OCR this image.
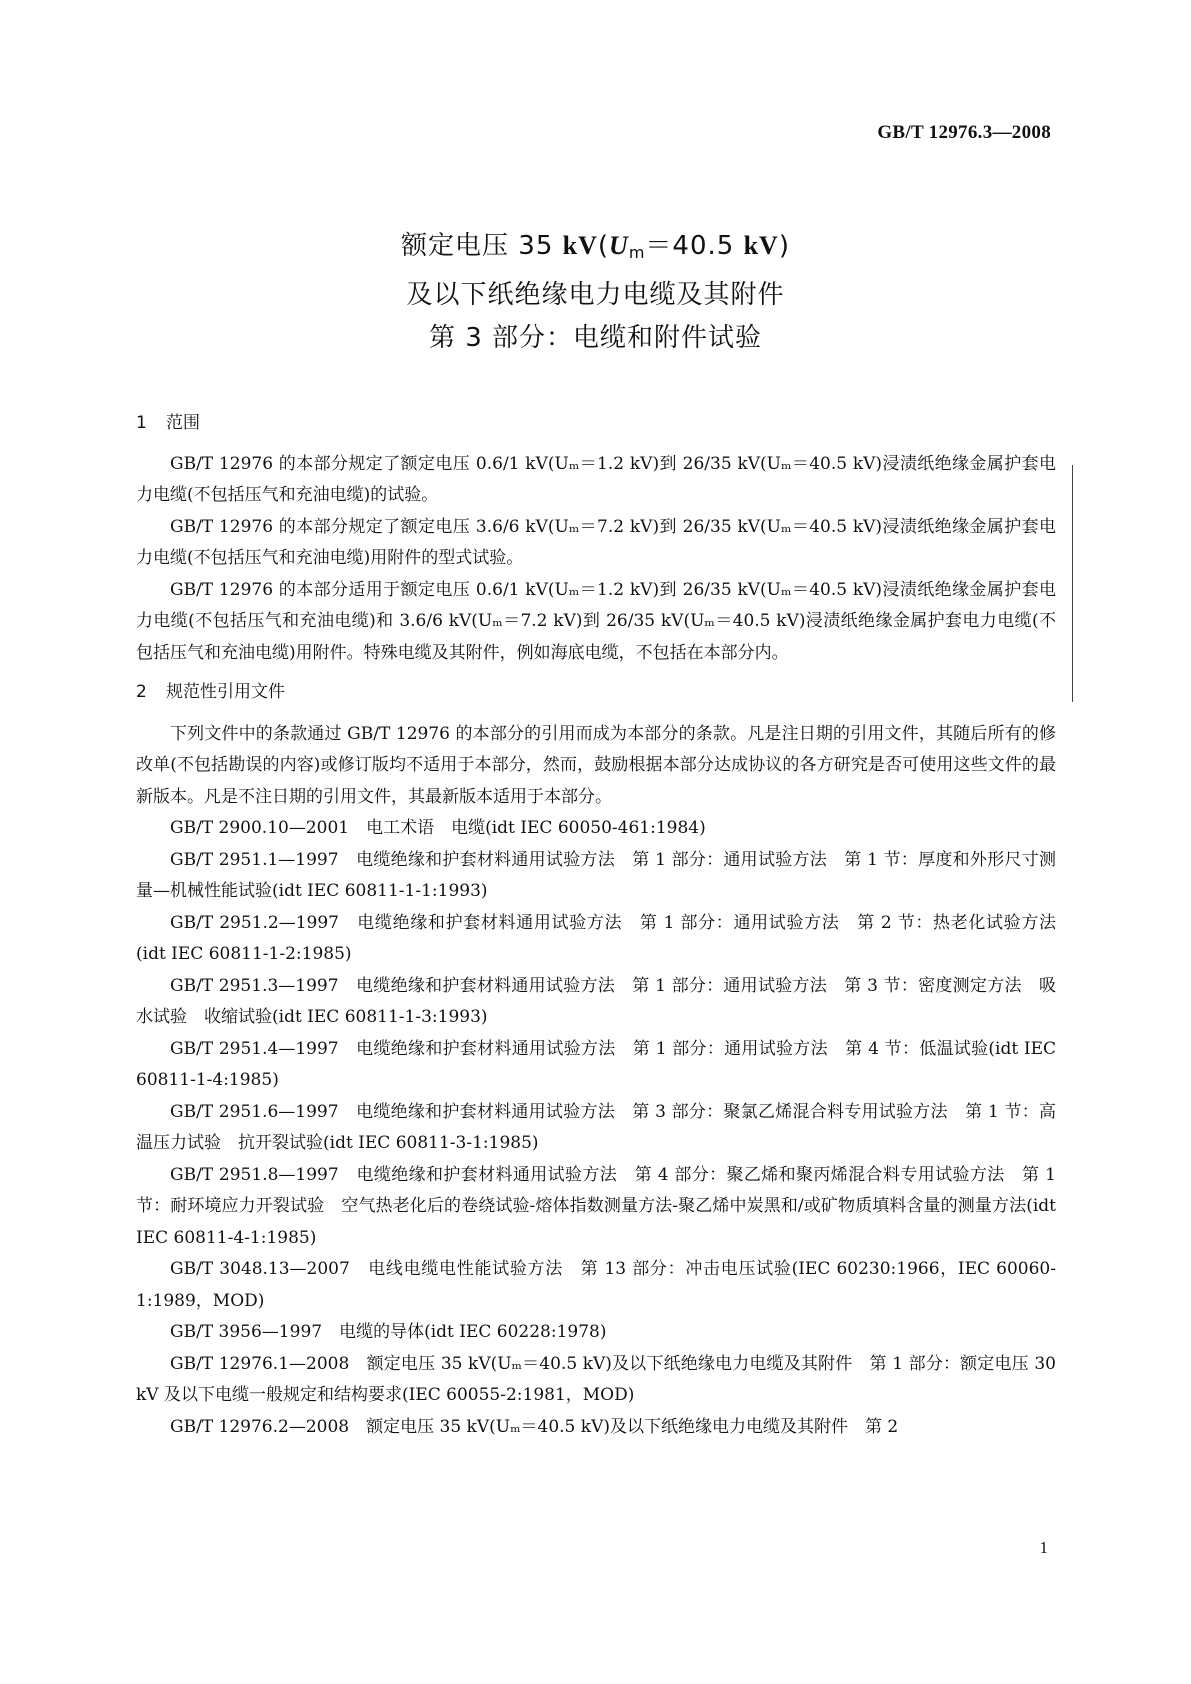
GB/T 12976.3—2008
额定电压 35 $kV(U_m=40.5$ kV)
及以下纸绝缘电力电缆及其附件
第 3 部分：电缆和附件试验
1 范围

GB/T 12976 的本部分规定了额定电压 0.6/1 kV(Uₘ＝1.2 kV)到 26/35 kV(Uₘ＝40.5 kV)浸渍纸绝缘金属护套电力电缆(不包括压气和充油电缆)的试验。

GB/T 12976 的本部分规定了额定电压 3.6/6 kV(Uₘ＝7.2 kV)到 26/35 kV(Uₘ＝40.5 kV)浸渍纸绝缘金属护套电力电缆(不包括压气和充油电缆)用附件的型式试验。

GB/T 12976 的本部分适用于额定电压 0.6/1 kV(Uₘ＝1.2 kV)到 26/35 kV(Uₘ＝40.5 kV)浸渍纸绝缘金属护套电力电缆(不包括压气和充油电缆)和 3.6/6 kV(Uₘ＝7.2 kV)到 26/35 kV(Uₘ＝40.5 kV)浸渍纸绝缘金属护套电力电缆(不包括压气和充油电缆)用附件。特殊电缆及其附件，例如海底电缆，不包括在本部分内。

2 规范性引用文件

下列文件中的条款通过 GB/T 12976 的本部分的引用而成为本部分的条款。凡是注日期的引用文件，其随后所有的修改单(不包括勘误的内容)或修订版均不适用于本部分，然而，鼓励根据本部分达成协议的各方研究是否可使用这些文件的最新版本。凡是不注日期的引用文件，其最新版本适用于本部分。

GB/T 2900.10—2001　电工术语　电缆(idt IEC 60050-461:1984)

GB/T 2951.1—1997　电缆绝缘和护套材料通用试验方法　第 1 部分：通用试验方法　第 1 节：厚度和外形尺寸测量—机械性能试验(idt IEC 60811-1-1:1993)

GB/T 2951.2—1997　电缆绝缘和护套材料通用试验方法　第 1 部分：通用试验方法　第 2 节：热老化试验方法(idt IEC 60811-1-2:1985)

GB/T 2951.3—1997　电缆绝缘和护套材料通用试验方法　第 1 部分：通用试验方法　第 3 节：密度测定方法　吸水试验　收缩试验(idt IEC 60811-1-3:1993)

GB/T 2951.4—1997　电缆绝缘和护套材料通用试验方法　第 1 部分：通用试验方法　第 4 节：低温试验(idt IEC 60811-1-4:1985)

GB/T 2951.6—1997　电缆绝缘和护套材料通用试验方法　第 3 部分：聚氯乙烯混合料专用试验方法　第 1 节：高温压力试验　抗开裂试验(idt IEC 60811-3-1:1985)

GB/T 2951.8—1997　电缆绝缘和护套材料通用试验方法　第 4 部分：聚乙烯和聚丙烯混合料专用试验方法　第 1 节：耐环境应力开裂试验　空气热老化后的卷绕试验-熔体指数测量方法-聚乙烯中炭黑和/或矿物质填料含量的测量方法(idt IEC 60811-4-1:1985)

GB/T 3048.13—2007　电线电缆电性能试验方法　第 13 部分：冲击电压试验(IEC 60230:1966，IEC 60060-1:1989，MOD)

GB/T 3956—1997　电缆的导体(idt IEC 60228:1978)

GB/T 12976.1—2008　额定电压 35 kV(Uₘ＝40.5 kV)及以下纸绝缘电力电缆及其附件　第 1 部分：额定电压 30 kV 及以下电缆一般规定和结构要求(IEC 60055-2:1981，MOD)

GB/T 12976.2—2008　额定电压 35 kV(Uₘ＝40.5 kV)及以下纸绝缘电力电缆及其附件　第 2

1
